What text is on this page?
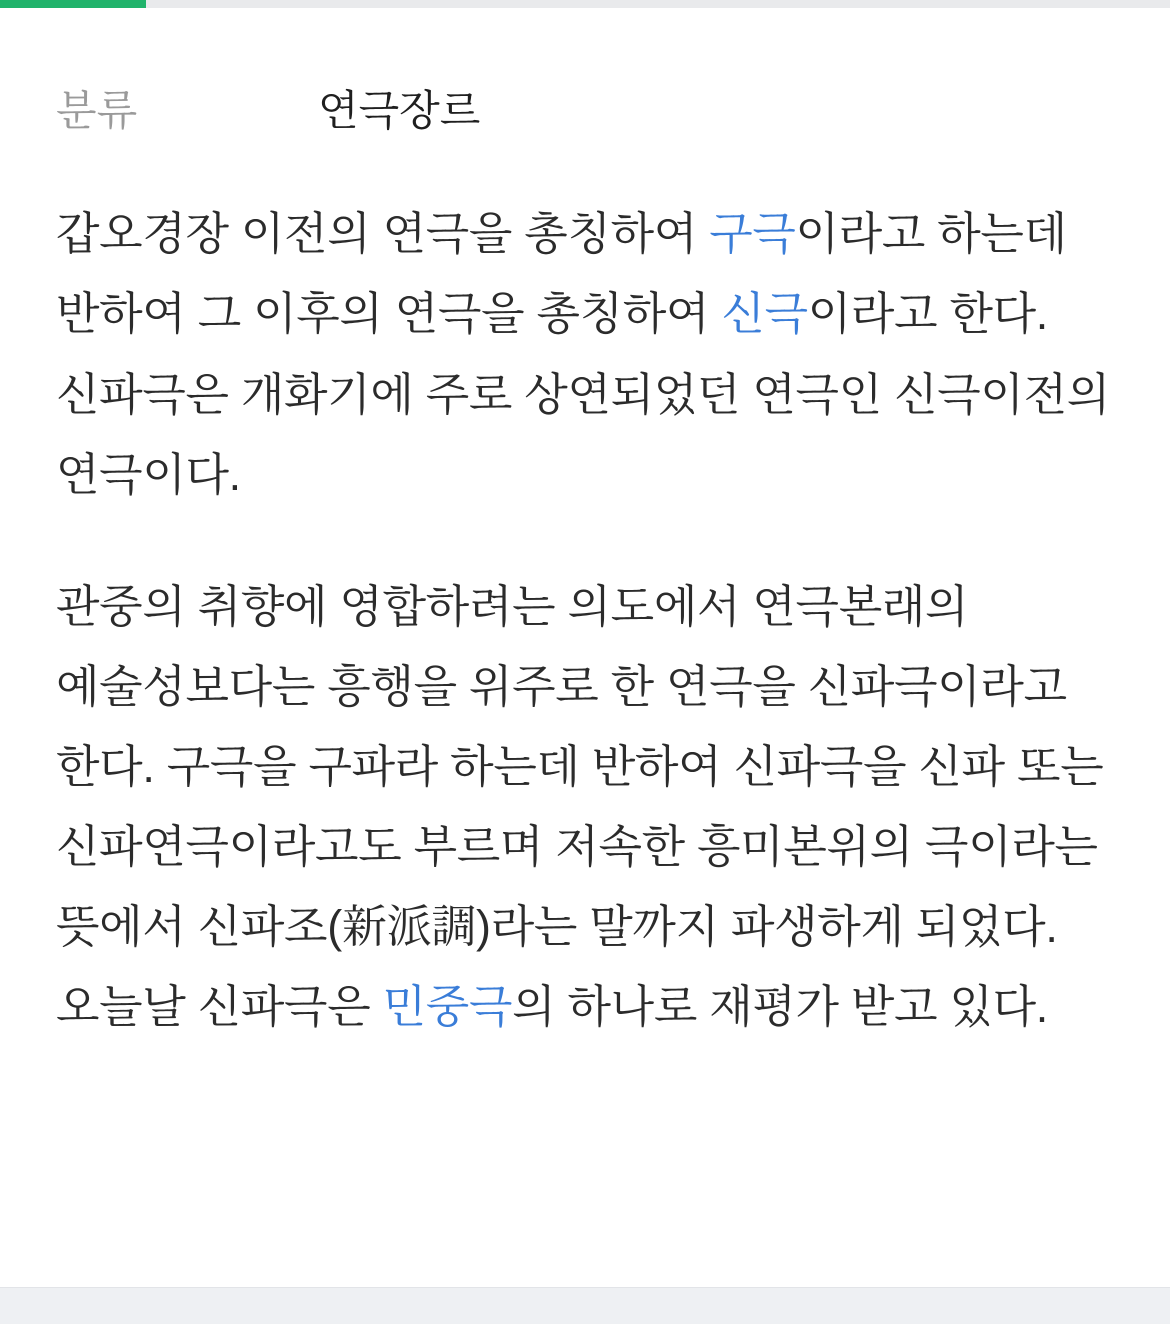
분류	연극장르

갑오경장 이전의 연극을 총칭하여 구극이라고 하는데 반하여 그 이후의 연극을 총칭하여 신극이라고 한다. 신파극은 개화기에 주로 상연되었던 연극인 신극이전의 연극이다.

관중의 취향에 영합하려는 의도에서 연극본래의 예술성보다는 흥행을 위주로 한 연극을 신파극이라고 한다. 구극을 구파라 하는데 반하여 신파극을 신파 또는 신파연극이라고도 부르며 저속한 흥미본위의 극이라는 뜻에서 신파조(新派調)라는 말까지 파생하게 되었다. 오늘날 신파극은 민중극의 하나로 재평가 받고 있다.
